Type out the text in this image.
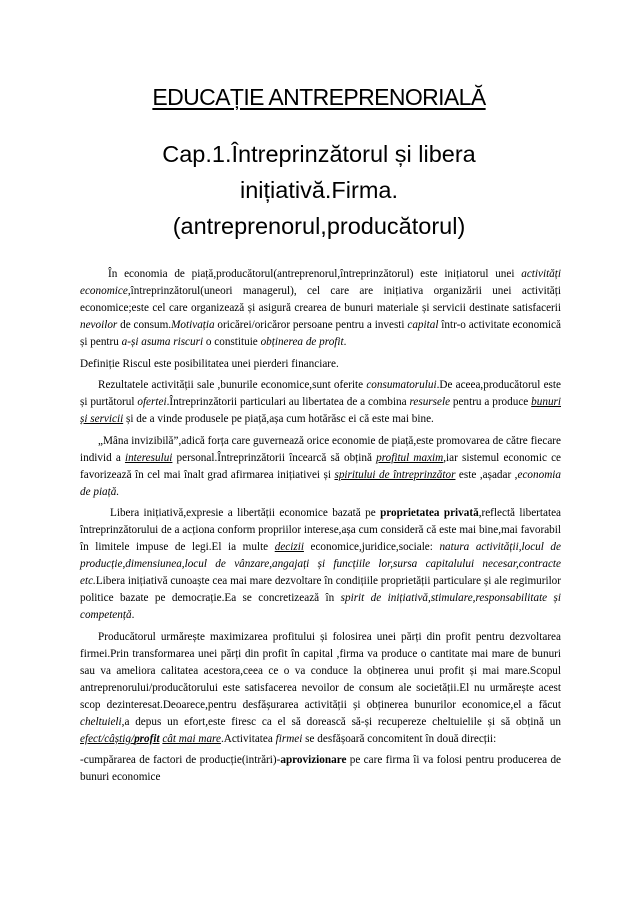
EDUCAȚIE ANTREPRENORIALĂ
Cap.1.Întreprinzătorul și libera
inițiativă.Firma.
(antreprenorul,producătorul)

În economia de piață,producătorul(antreprenorul,întreprinzătorul) este inițiatorul unei activități economice,întreprinzătorul(uneori managerul), cel care are inițiativa organizării unei activități economice;este cel care organizează și asigură crearea de bunuri materiale și servicii destinate satisfacerii nevoilor de consum.Motivația oricărei/oricăror persoane pentru a investi capital într-o activitate economică și pentru a-și asuma riscuri o constituie obținerea de profit.

Definiție Riscul este posibilitatea unei pierderi financiare.

Rezultatele activității sale ,bunurile economice,sunt oferite consumatorului.De aceea,producătorul este și purtătorul ofertei.Întreprinzătorii particulari au libertatea de a combina resursele pentru a produce bunuri și servicii și de a vinde produsele pe piață,așa cum hotărăsc ei că este mai bine.

„Mâna invizibilă”,adică forța care guvernează orice economie de piață,este promovarea de către fiecare individ a interesului personal.Întreprinzătorii încearcă să obțină profitul maxim,iar sistemul economic ce favorizează în cel mai înalt grad afirmarea inițiativei și spiritului de întreprinzător este ,așadar ,economia de piață.

Libera inițiativă,expresie a libertății economice bazată pe proprietatea privată,reflectă libertatea întreprinzătorului de a acționa conform propriilor interese,așa cum consideră că este mai bine,mai favorabil în limitele impuse de legi.El ia multe decizii economice,juridice,sociale: natura activității,locul de producție,dimensiunea,locul de vânzare,angajați și funcțiile lor,sursa capitalului necesar,contracte etc.Libera inițiativă cunoaște cea mai mare dezvoltare în condițiile proprietății particulare și ale regimurilor politice bazate pe democrație.Ea se concretizează în spirit de inițiativă,stimulare,responsabilitate și competență.

Producătorul urmărește maximizarea profitului și folosirea unei părți din profit pentru dezvoltarea firmei.Prin transformarea unei părți din profit în capital ,firma va produce o cantitate mai mare de bunuri sau va ameliora calitatea acestora,ceea ce o va conduce la obținerea unui profit și mai mare.Scopul antreprenorului/producătorului este satisfacerea nevoilor de consum ale societății.El nu urmărește acest scop dezinteresat.Deoarece,pentru desfășurarea activității și obținerea bunurilor economice,el a făcut cheltuieli,a depus un efort,este firesc ca el să dorească să-și recupereze cheltuielile și să obțină un efect/câștig/profit cât mai mare.Activitatea firmei se desfășoară concomitent în două direcții:

-cumpărarea de factori de producție(intrări)-aprovizionare pe care firma îi va folosi pentru producerea de bunuri economice
